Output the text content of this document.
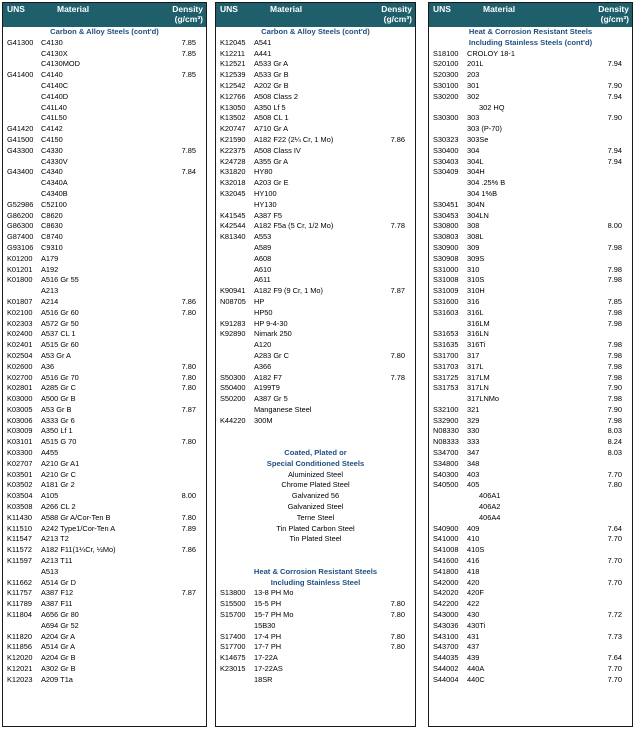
UNS	Material	Density (g/cm³)
Carbon & Alloy Steels (cont'd)
G41300	C4130	7.85
C4130X	7.85
C4130MOD
G41400	C4140	7.85
C4140C
C4140D
C41L40
C41L50
G41420	C4142
G41500	C4150
G43300	C4330	7.85
C4330V
G43400	C4340	7.84
C4340A
C4340B
G52986	C52100
G86200	C8620
G86300	C8630
G87400	C8740
G93106	C9310
K01200	A179
K01201	A192
K01800	A516 Gr 55
A213
K01807	A214	7.86
K02100	A516 Gr 60	7.80
K02303	A572 Gr 50
K02400	A537 CL 1
K02401	A515 Gr 60
K02504	A53 Gr A
K02600	A36	7.80
K02700	A516 Gr 70	7.80
K02801	A285 Gr C	7.80
K03000	A500 Gr B
K03005	A53 Gr B	7.87
K03006	A333 Gr 6
K03009	A350 Lf 1
K03101	A515 G 70	7.80
K03300	A455
K02707	A210 Gr A1
K03501	A210 Gr C
K03502	A181 Gr 2
K03504	A105	8.00
K03508	A266 CL 2
K11430	A588 Gr A/Cor-Ten B	7.80
K11510	A242 Type1/Cor-Ten A	7.89
K11547	A213 T2
K11572	A182 F11(1¼Cr, ½Mo)	7.86
K11597	A213 T11
A513
K11662	A514 Gr D
K11757	A387 F12	7.87
K11789	A387 F11
K11804	A656 Gr 80
A694 Gr 52
K11820	A204 Gr A
K11856	A514 Gr A
K12020	A204 Gr B
K12021	A302 Gr B
K12023	A209 T1a
UNS	Material	Density (g/cm³)
Carbon & Alloy Steels (cont'd)
K12045	A541
K12211	A441
K12521	A533 Gr A
K12539	A533 Gr B
K12542	A202 Gr B
K12766	A508 Class 2
K13050	A350 Lf 5
K13502	A508 CL 1
K20747	A710 Gr A
K21590	A182 F22 (2¼ Cr, 1 Mo)	7.86
K22375	A508 Class IV
K24728	A355 Gr A
K31820	HY80
K32018	A203 Gr E
K32045	HY100
HY130
K41545	A387 F5
K42544	A182 F5a (5 Cr, 1/2 Mo)	7.78
K81340	A553
A589
A608
A610
A611
K90941	A182 F9 (9 Cr, 1 Mo)	7.87
N08705	HP
HP50
K91283	HP 9-4-30
K92890	Nimark 250
A120
A283 Gr C	7.80
A366
S50300	A182 F7	7.78
S50400	A199T9
S50200	A387 Gr 5
Manganese Steel
K44220	300M
Coated, Plated or
Special Conditioned Steels
Aluminized Steel
Chrome Plated Steel
Galvanized 56
Galvanized Steel
Terne Steel
Tin Plated Carbon Steel
Tin Plated Steel
Heat & Corrosion Resistant Steels
Including Stainless Steel
S13800	13-8 PH Mo
S15500	15-5 PH	7.80
S15700	15-7 PH Mo	7.80
15B30
S17400	17-4 PH	7.80
S17700	17-7 PH	7.80
K14675	17-22A
K23015	17-22AS
18SR
UNS	Material	Density (g/cm³)
Heat & Corrosion Resistant Steels
Including Stainless Steels (cont'd)
S18100	CROLOY 18-1
S20100	201L	7.94
S20300	203
S30100	301	7.90
S30200	302	7.94
302 HQ
S30300	303	7.90
303 (P-70)
S30323	303Se
S30400	304	7.94
S30403	304L	7.94
S30409	304H
304 .25% B
304 1%B
S30451	304N
S30453	304LN
S30800	308	8.00
S30803	308L
S30900	309	7.98
S30908	309S
S31000	310	7.98
S31008	310S	7.98
S31009	310H
S31600	316	7.85
S31603	316L	7.98
316LM	7.98
S31653	316LN
S31635	316Ti	7.98
S31700	317	7.98
S31703	317L	7.98
S31725	317LM	7.98
S31753	317LN	7.90
317LNMo	7.98
S32100	321	7.90
S32900	329	7.98
N08330	330	8.03
N08333	333	8.24
S34700	347	8.03
S34800	348
S40300	403	7.70
S40500	405	7.80
406A1
406A2
406A4
S40900	409	7.64
S41000	410	7.70
S41008	410S
S41600	416	7.70
S41800	418
S42000	420	7.70
S42020	420F
S42200	422
S43000	430	7.72
S43036	430Ti
S43100	431	7.73
S43700	437
S44035	439	7.64
S44002	440A	7.70
S44004	440C	7.70
